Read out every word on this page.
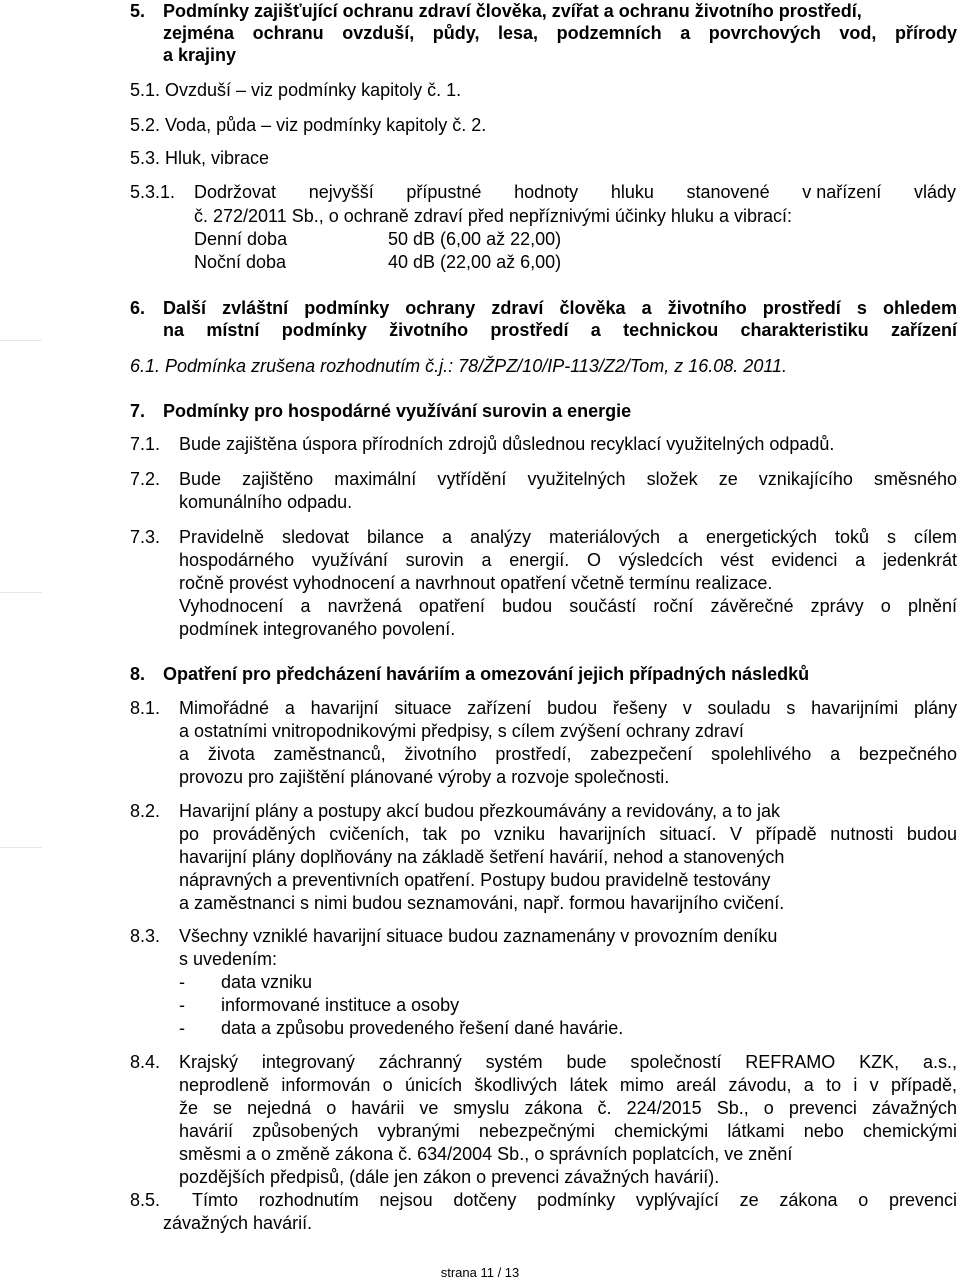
5. Podmínky zajišťující ochranu zdraví člověka, zvířat a ochranu životního prostředí,
zejména ochranu ovzduší, půdy, lesa, podzemních a povrchových vod, přírody
a krajiny
5.1. Ovzduší – viz podmínky kapitoly č. 1.
5.2. Voda, půda – viz podmínky kapitoly č. 2.
5.3. Hluk, vibrace
5.3.1. Dodržovat nejvyšší přípustné hodnoty hluku stanovené v nařízení vlády
č. 272/2011 Sb., o ochraně zdraví před nepříznivými účinky hluku a vibrací:
Denní doba	50 dB (6,00 až 22,00)
Noční doba	40 dB (22,00 až 6,00)
6. Další zvláštní podmínky ochrany zdraví člověka a životního prostředí s ohledem
na místní podmínky životního prostředí a technickou charakteristiku zařízení
6.1. Podmínka zrušena rozhodnutím č.j.: 78/ŽPZ/10/IP-113/Z2/Tom, z 16.08. 2011.
7. Podmínky pro hospodárné využívání surovin a energie
7.1. Bude zajištěna úspora přírodních zdrojů důslednou recyklací využitelných odpadů.
7.2. Bude zajištěno maximální vytřídění využitelných složek ze vznikajícího směsného
komunálního odpadu.
7.3. Pravidelně sledovat bilance a analýzy materiálových a energetických toků s cílem
hospodárného využívání surovin a energií. O výsledcích vést evidenci a jedenkrát
ročně provést vyhodnocení a navrhnout opatření včetně termínu realizace.
Vyhodnocení a navržená opatření budou součástí roční závěrečné zprávy o plnění
podmínek integrovaného povolení.
8. Opatření pro předcházení haváriím a omezování jejich případných následků
8.1. Mimořádné a havarijní situace zařízení budou řešeny v souladu s havarijními plány
a ostatními vnitropodnikovými předpisy, s cílem zvýšení ochrany zdraví
a života zaměstnanců, životního prostředí, zabezpečení spolehlivého a bezpečného
provozu pro zajištění plánované výroby a rozvoje společnosti.
8.2. Havarijní plány a postupy akcí budou přezkoumávány a revidovány, a to jak
po prováděných cvičeních, tak po vzniku havarijních situací. V případě nutnosti budou
havarijní plány doplňovány na základě šetření havárií, nehod a stanovených
nápravných a preventivních opatření. Postupy budou pravidelně testovány
a zaměstnanci s nimi budou seznamováni, např. formou havarijního cvičení.
8.3. Všechny vzniklé havarijní situace budou zaznamenány v provozním deníku
s uvedením:
- data vzniku
- informované instituce a osoby
- data a způsobu provedeného řešení dané havárie.
8.4. Krajský integrovaný záchranný systém bude společností REFRAMO KZK, a.s.,
neprodleně informován o únicích škodlivých látek mimo areál závodu, a to i v případě,
že se nejedná o havárii ve smyslu zákona č. 224/2015 Sb., o prevenci závažných
havárií způsobených vybranými nebezpečnými chemickými látkami nebo chemickými
směsmi a o změně zákona č. 634/2004 Sb., o správních poplatcích, ve znění
pozdějších předpisů, (dále jen zákon o prevenci závažných havárií).
8.5. Tímto rozhodnutím nejsou dotčeny podmínky vyplývající ze zákona o prevenci
závažných havárií.
strana 11 / 13
